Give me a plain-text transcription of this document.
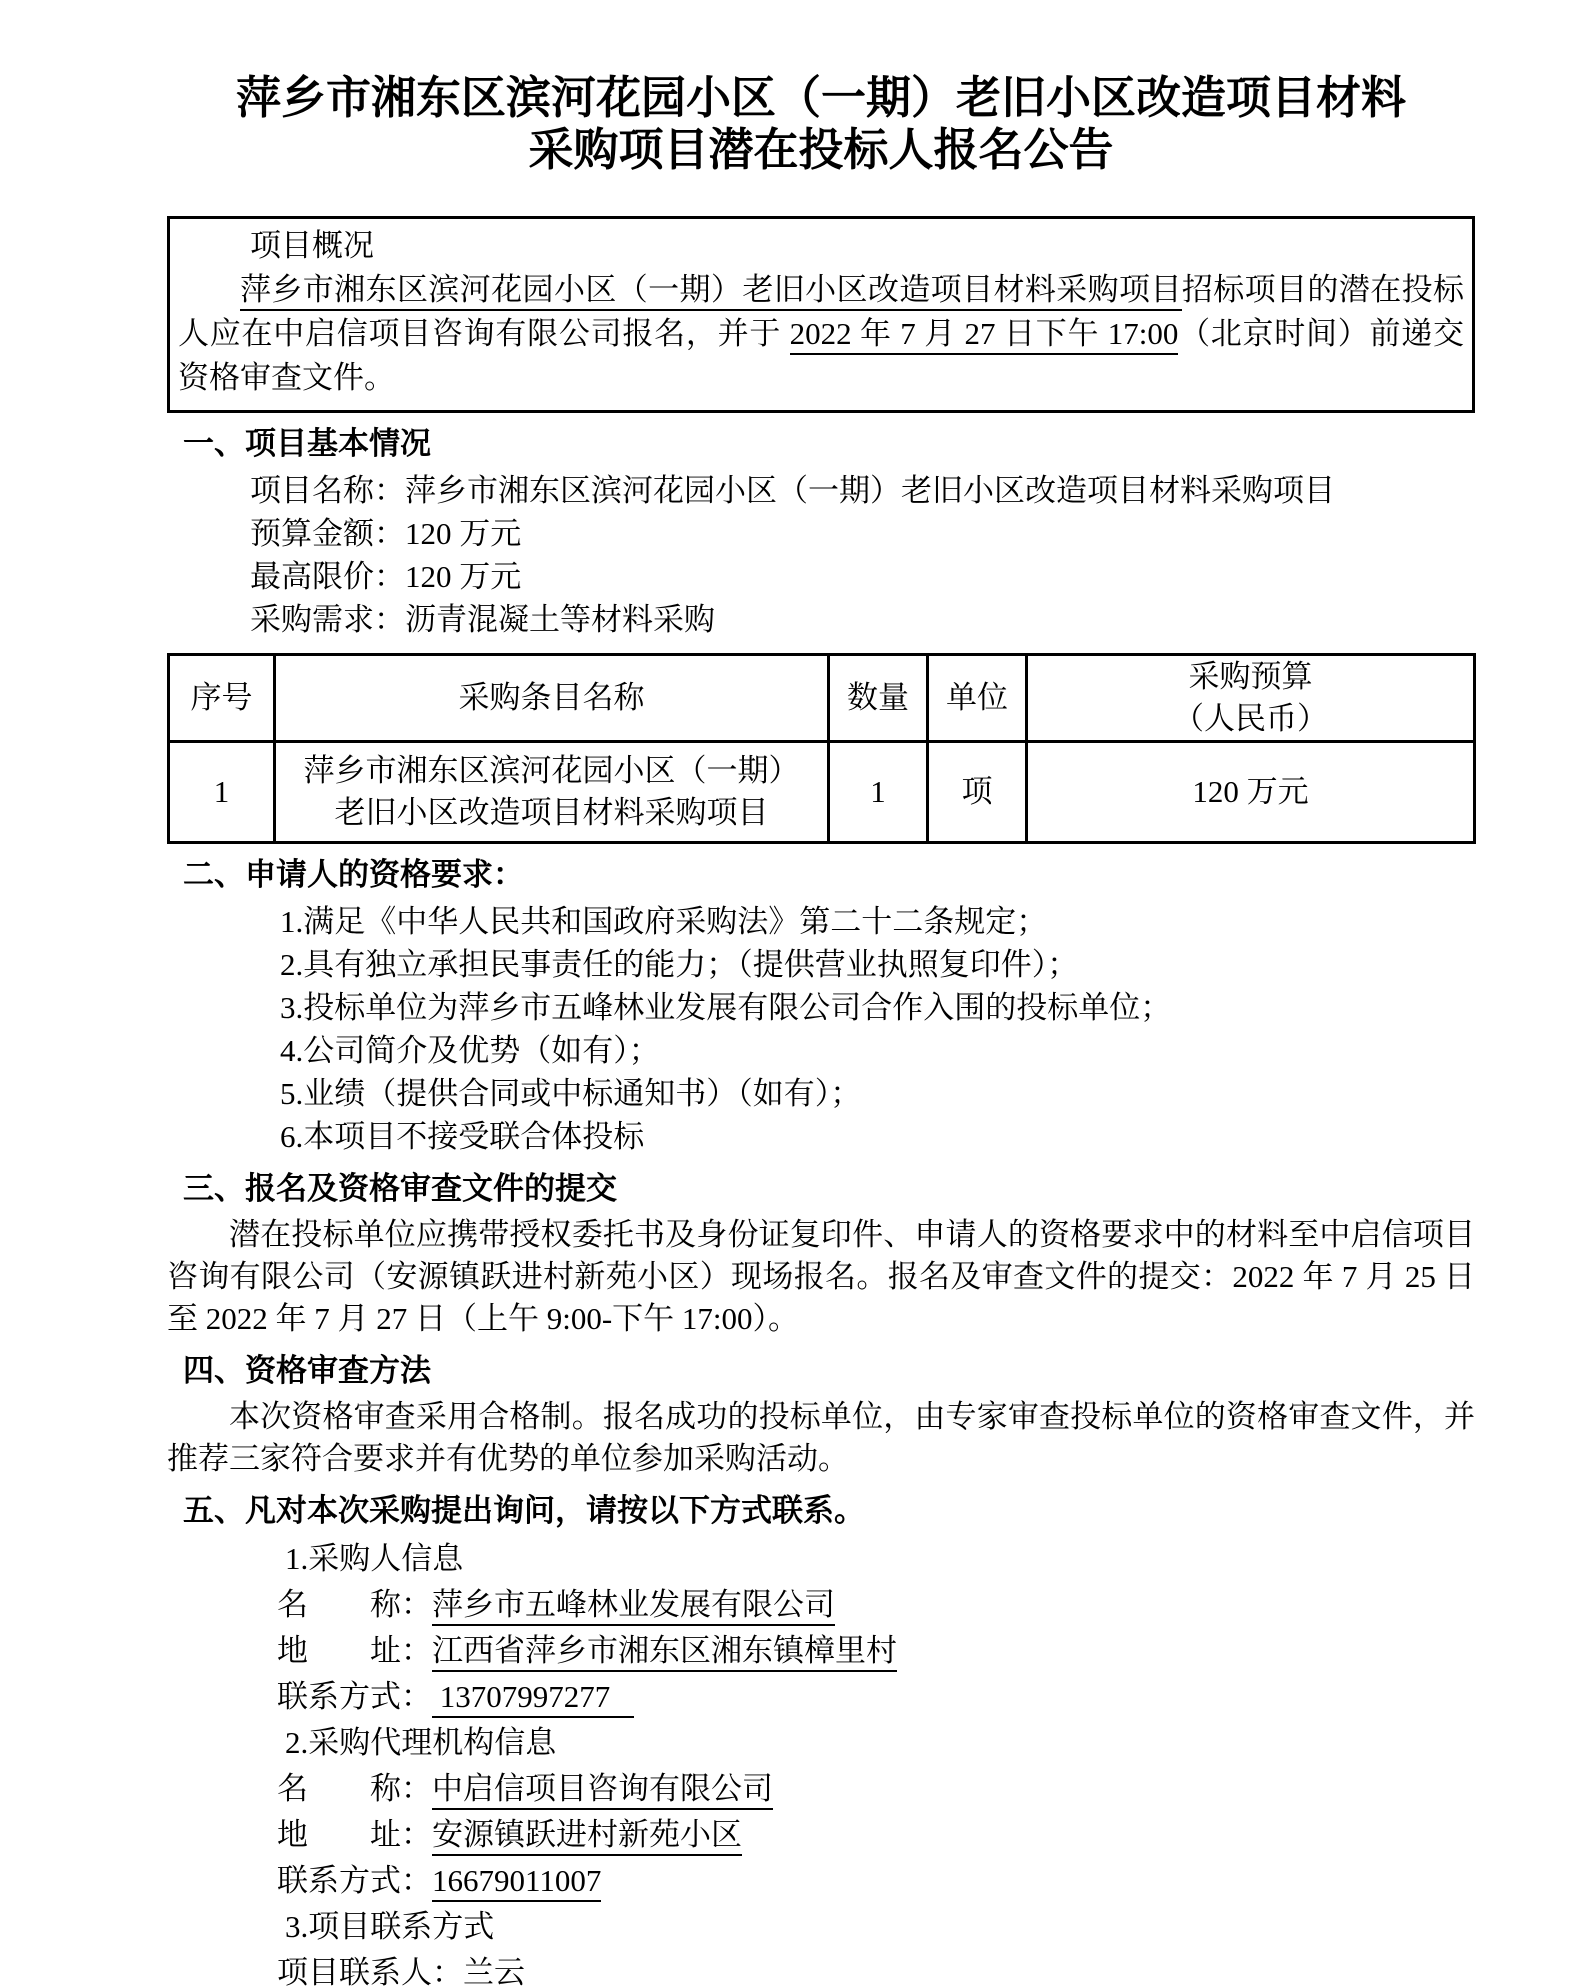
萍乡市湘东区滨河花园小区（一期）老旧小区改造项目材料
采购项目潜在投标人报名公告
项目概况
萍乡市湘东区滨河花园小区（一期）老旧小区改造项目材料采购项目招标项目的潜在投标人应在中启信项目咨询有限公司报名，并于 2022 年 7 月 27 日下午 17:00（北京时间）前递交资格审查文件。
一、项目基本情况
项目名称：萍乡市湘东区滨河花园小区（一期）老旧小区改造项目材料采购项目
预算金额：120 万元
最高限价：120 万元
采购需求：沥青混凝土等材料采购
序号	采购条目名称	数量	单位	采购预算
（人民币）

1	萍乡市湘东区滨河花园小区（一期）
老旧小区改造项目材料采购项目	1	项	120 万元
二、申请人的资格要求：
1.满足《中华人民共和国政府采购法》第二十二条规定；
2.具有独立承担民事责任的能力；（提供营业执照复印件）；
3.投标单位为萍乡市五峰林业发展有限公司合作入围的投标单位；
4.公司简介及优势（如有）；
5.业绩（提供合同或中标通知书）（如有）；
6.本项目不接受联合体投标
三、报名及资格审查文件的提交
潜在投标单位应携带授权委托书及身份证复印件、申请人的资格要求中的材料至中启信项目咨询有限公司（安源镇跃进村新苑小区）现场报名。报名及审查文件的提交：2022 年 7 月 25 日至 2022 年 7 月 27 日（上午 9:00-下午 17:00）。
四、资格审查方法
本次资格审查采用合格制。报名成功的投标单位，由专家审查投标单位的资格审查文件，并推荐三家符合要求并有优势的单位参加采购活动。
五、凡对本次采购提出询问，请按以下方式联系。
1.采购人信息
名　　称：萍乡市五峰林业发展有限公司
地　　址：江西省萍乡市湘东区湘东镇樟里村
联系方式： 13707997277
2.采购代理机构信息
名　　称：中启信项目咨询有限公司
地　　址：安源镇跃进村新苑小区
联系方式：16679011007
3.项目联系方式
项目联系人：兰云
